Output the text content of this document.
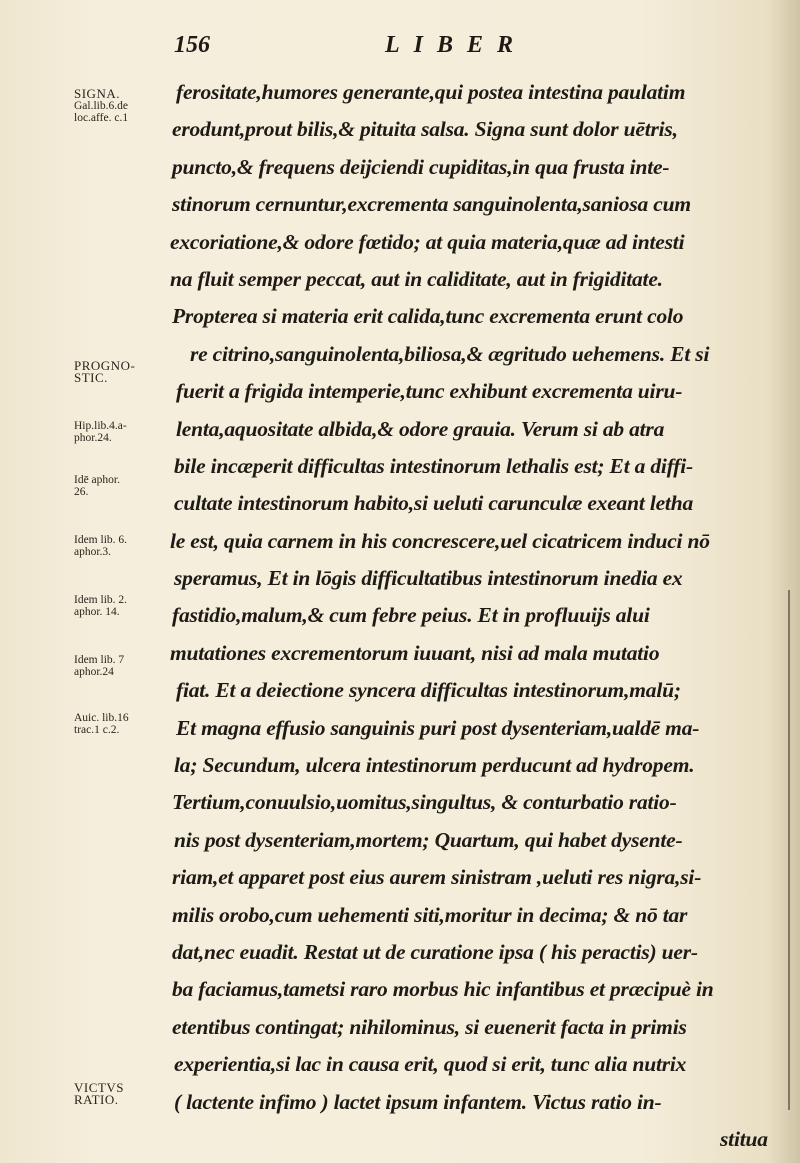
156	LIBER
SIGNA.
Gal.lib.6.de
loc.affe. c.1
PROGNO-
STIC.
Hip.lib.4.a-
phor.24.
Idē aphor.
26.
Idem lib. 6.
aphor.3.
Idem lib. 2.
aphor. 14.
Idem lib. 7
aphor.24
Auic. lib.16
trac.1 c.2.
VICTVS
RATIO.
ferositate,humores generante,qui postea intestina paulatim
erodunt,prout bilis,& pituita salsa. Signa sunt dolor uētris,
puncto,& frequens deijciendi cupiditas,in qua frusta inte-
stinorum cernuntur,excrementa sanguinolenta,saniosa cum
excoriatione,& odore fœtido; at quia materia,quæ ad intesti
na fluit semper peccat, aut in caliditate, aut in frigiditate.
Propterea si materia erit calida,tunc excrementa erunt colo
re citrino,sanguinolenta,biliosa,& ægritudo uehemens. Et si
fuerit a frigida intemperie,tunc exhibunt excrementa uiru-
lenta,aquositate albida,& odore grauia. Verum si ab atra
bile incæperit difficultas intestinorum lethalis est; Et a diffi-
cultate intestinorum habito,si ueluti carunculæ exeant letha
le est, quia carnem in his concrescere,uel cicatricem induci nō
speramus, Et in lōgis difficultatibus intestinorum inedia ex
fastidio,malum,& cum febre peius. Et in profluuijs alui
mutationes excrementorum iuuant, nisi ad mala mutatio
fiat. Et a deiectione syncera difficultas intestinorum,malū;
Et magna effusio sanguinis puri post dysenteriam,ualdē ma-
la; Secundum, ulcera intestinorum perducunt ad hydropem.
Tertium,conuulsio,uomitus,singultus, & conturbatio ratio-
nis post dysenteriam,mortem; Quartum, qui habet dysente-
riam,et apparet post eius aurem sinistram ,ueluti res nigra,si-
milis orobo,cum uehementi siti,moritur in decima; & nō tar
dat,nec euadit. Restat ut de curatione ipsa ( his peractis) uer-
ba faciamus,tametsi raro morbus hic infantibus et præcipuè in
etentibus contingat; nihilominus, si euenerit facta in primis
experientia,si lac in causa erit, quod si erit, tunc alia nutrix
( lactente infimo ) lactet ipsum infantem. Victus ratio in-
stitua
